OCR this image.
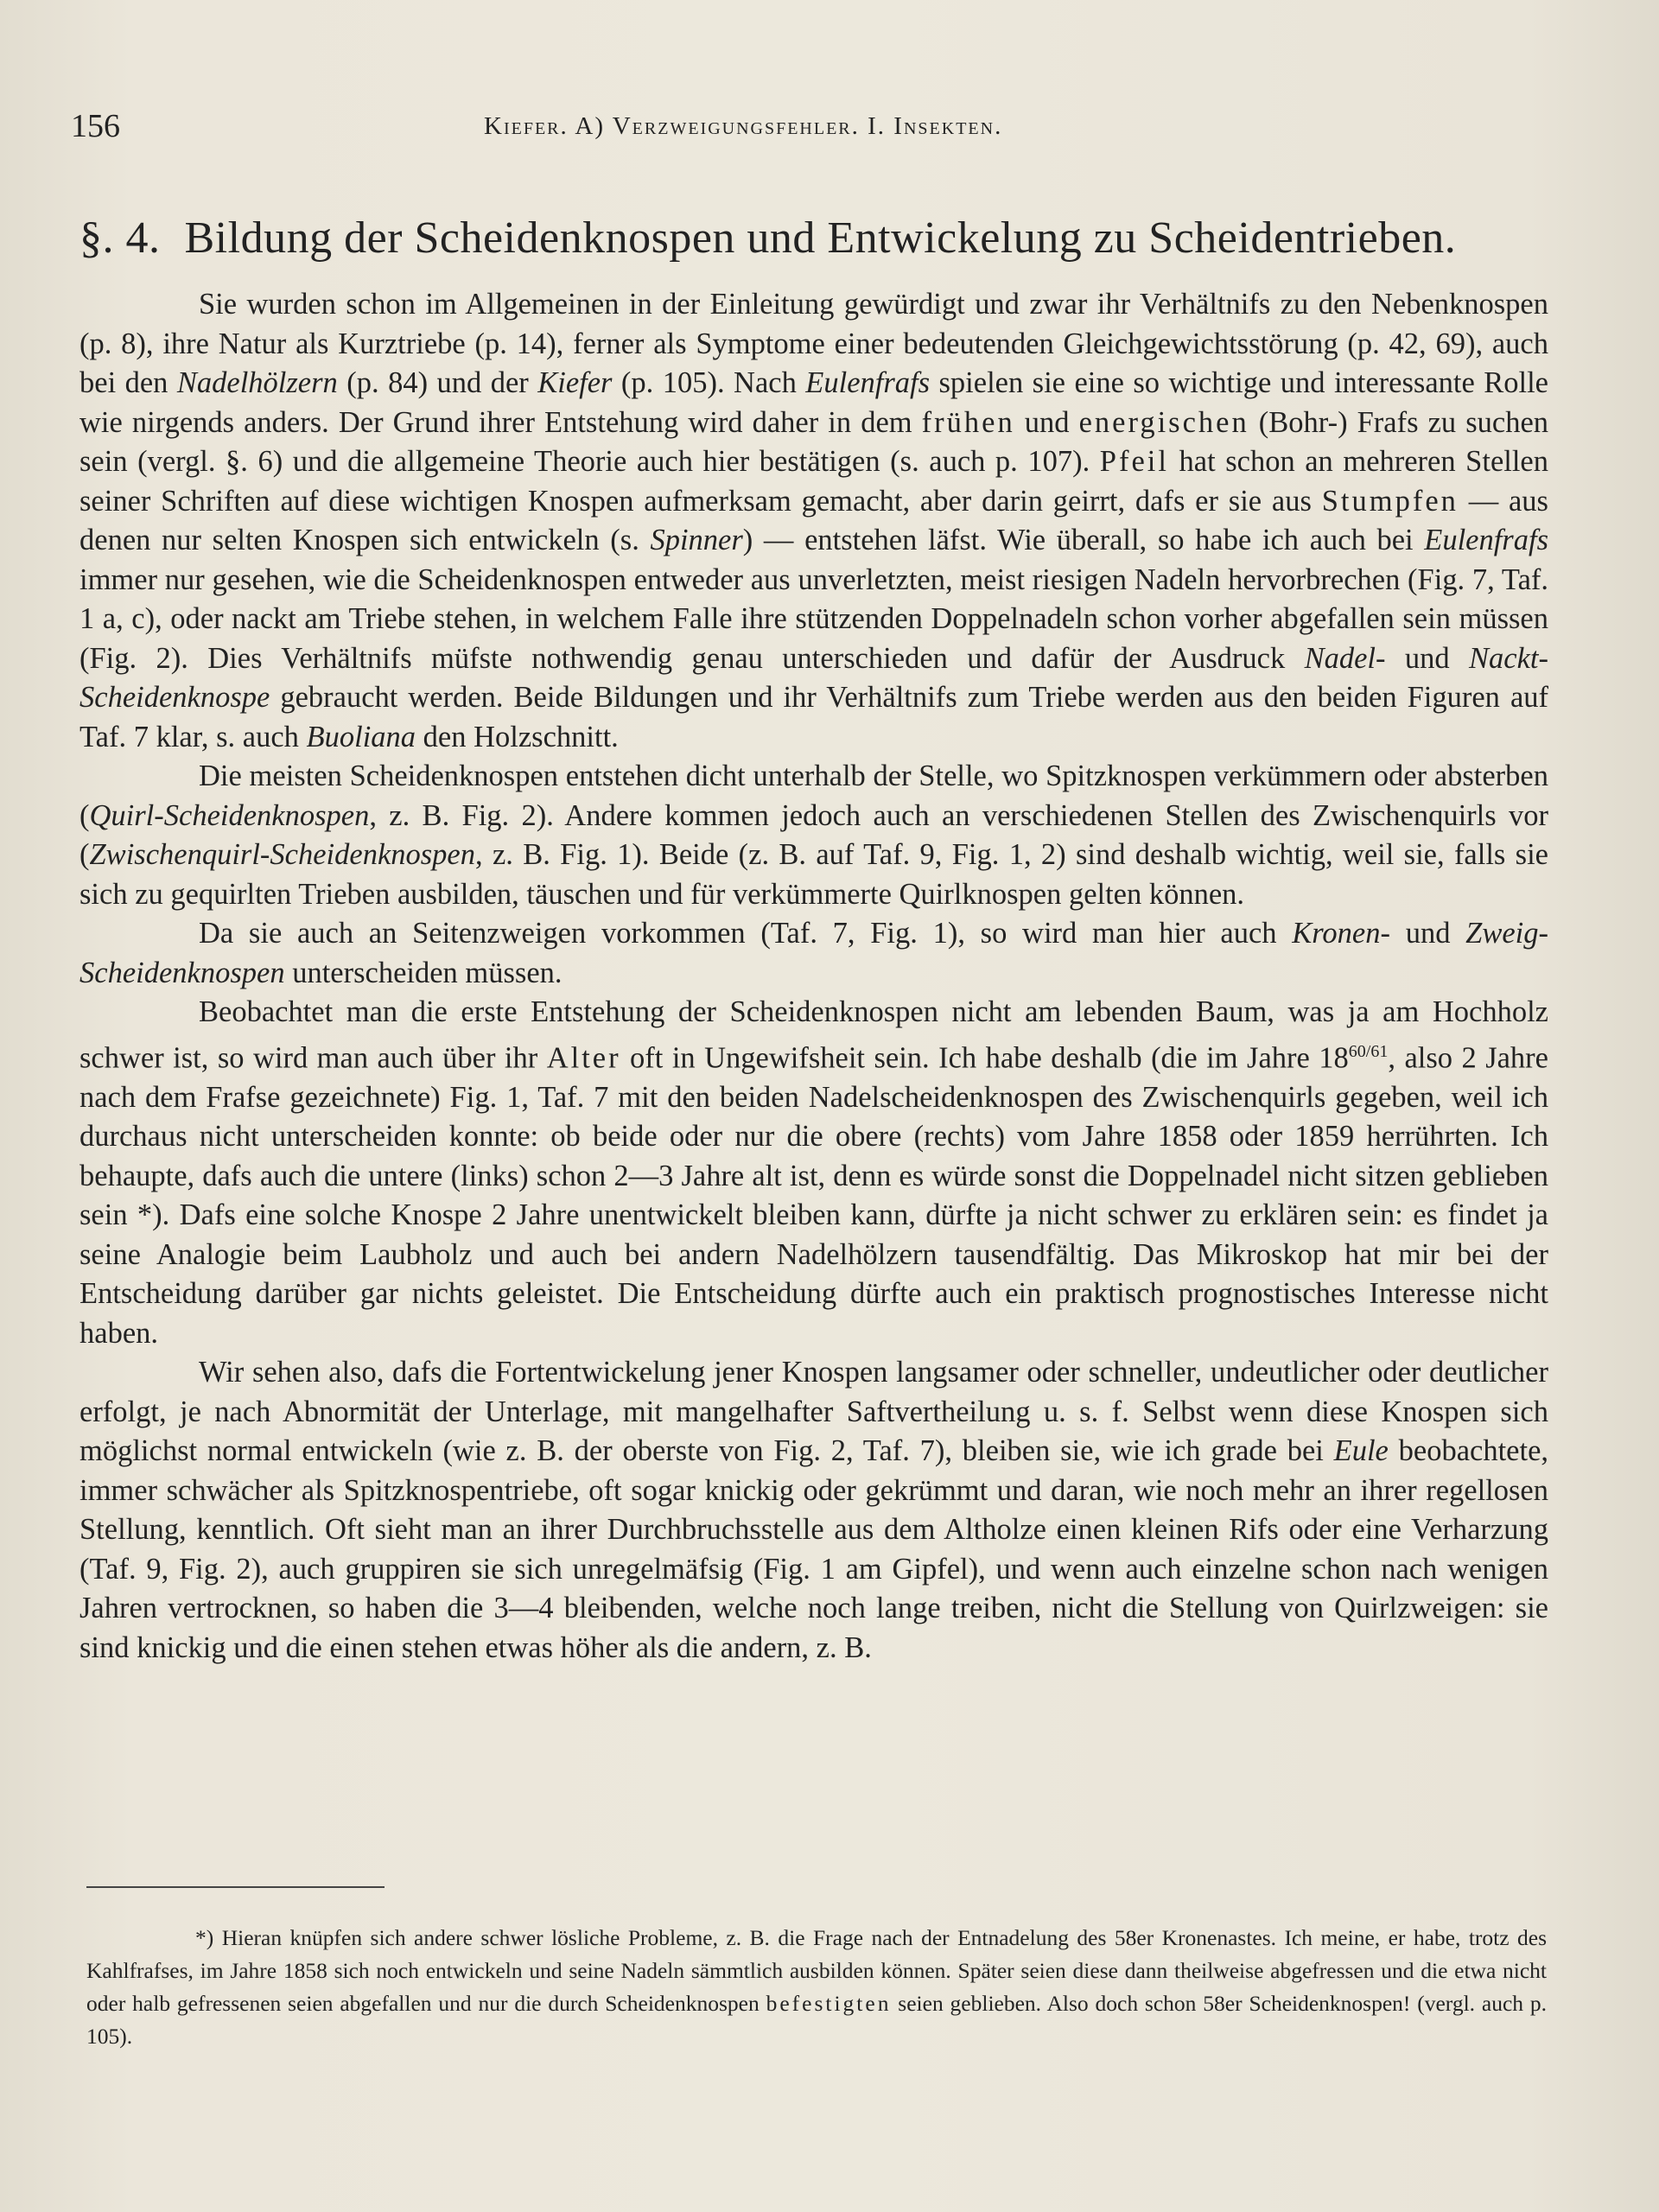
156	Kiefer. A) Verzweigungsfehler. I. Insekten.
§. 4. Bildung der Scheidenknospen und Entwickelung zu Scheidentrieben.

Sie wurden schon im Allgemeinen in der Einleitung gewürdigt und zwar ihr Verhältnifs zu den Nebenknospen (p. 8), ihre Natur als Kurztriebe (p. 14), ferner als Symptome einer bedeutenden Gleichgewichtsstörung (p. 42, 69), auch bei den Nadelhölzern (p. 84) und der Kiefer (p. 105). Nach Eulenfrafs spielen sie eine so wichtige und interessante Rolle wie nirgends anders. Der Grund ihrer Entstehung wird daher in dem frühen und energischen (Bohr-) Frafs zu suchen sein (vergl. §. 6) und die allgemeine Theorie auch hier bestätigen (s. auch p. 107). Pfeil hat schon an mehreren Stellen seiner Schriften auf diese wichtigen Knospen aufmerksam gemacht, aber darin geirrt, dafs er sie aus Stumpfen — aus denen nur selten Knospen sich entwickeln (s. Spinner) — entstehen läfst. Wie überall, so habe ich auch bei Eulenfrafs immer nur gesehen, wie die Scheidenknospen entweder aus unverletzten, meist riesigen Nadeln hervorbrechen (Fig. 7, Taf. 1 a, c), oder nackt am Triebe stehen, in welchem Falle ihre stützenden Doppelnadeln schon vorher abgefallen sein müssen (Fig. 2). Dies Verhältnifs müfste nothwendig genau unterschieden und dafür der Ausdruck Nadel- und Nackt-Scheidenknospe gebraucht werden. Beide Bildungen und ihr Verhältnifs zum Triebe werden aus den beiden Figuren auf Taf. 7 klar, s. auch Buoliana den Holzschnitt.

Die meisten Scheidenknospen entstehen dicht unterhalb der Stelle, wo Spitzknospen verkümmern oder absterben (Quirl-Scheidenknospen, z. B. Fig. 2). Andere kommen jedoch auch an verschiedenen Stellen des Zwischenquirls vor (Zwischenquirl-Scheidenknospen, z. B. Fig. 1). Beide (z. B. auf Taf. 9, Fig. 1, 2) sind deshalb wichtig, weil sie, falls sie sich zu gequirlten Trieben ausbilden, täuschen und für verkümmerte Quirlknospen gelten können.

Da sie auch an Seitenzweigen vorkommen (Taf. 7, Fig. 1), so wird man hier auch Kronen- und Zweig-Scheidenknospen unterscheiden müssen.

Beobachtet man die erste Entstehung der Scheidenknospen nicht am lebenden Baum, was ja am Hochholz schwer ist, so wird man auch über ihr Alter oft in Ungewifsheit sein. Ich habe deshalb (die im Jahre $18^{60/61}$, also 2 Jahre nach dem Frafse gezeichnete) Fig. 1, Taf. 7 mit den beiden Nadelscheidenknospen des Zwischenquirls gegeben, weil ich durchaus nicht unterscheiden konnte: ob beide oder nur die obere (rechts) vom Jahre 1858 oder 1859 herrührten. Ich behaupte, dafs auch die untere (links) schon 2—3 Jahre alt ist, denn es würde sonst die Doppelnadel nicht sitzen geblieben sein *). Dafs eine solche Knospe 2 Jahre unentwickelt bleiben kann, dürfte ja nicht schwer zu erklären sein: es findet ja seine Analogie beim Laubholz und auch bei andern Nadelhölzern tausendfältig. Das Mikroskop hat mir bei der Entscheidung darüber gar nichts geleistet. Die Entscheidung dürfte auch ein praktisch prognostisches Interesse nicht haben.

Wir sehen also, dafs die Fortentwickelung jener Knospen langsamer oder schneller, undeutlicher oder deutlicher erfolgt, je nach Abnormität der Unterlage, mit mangelhafter Saftvertheilung u. s. f. Selbst wenn diese Knospen sich möglichst normal entwickeln (wie z. B. der oberste von Fig. 2, Taf. 7), bleiben sie, wie ich grade bei Eule beobachtete, immer schwächer als Spitzknospentriebe, oft sogar knickig oder gekrümmt und daran, wie noch mehr an ihrer regellosen Stellung, kenntlich. Oft sieht man an ihrer Durchbruchsstelle aus dem Altholze einen kleinen Rifs oder eine Verharzung (Taf. 9, Fig. 2), auch gruppiren sie sich unregelmäfsig (Fig. 1 am Gipfel), und wenn auch einzelne schon nach wenigen Jahren vertrocknen, so haben die 3—4 bleibenden, welche noch lange treiben, nicht die Stellung von Quirlzweigen: sie sind knickig und die einen stehen etwas höher als die andern, z. B.

*) Hieran knüpfen sich andere schwer lösliche Probleme, z. B. die Frage nach der Entnadelung des 58er Kronenastes. Ich meine, er habe, trotz des Kahlfrafses, im Jahre 1858 sich noch entwickeln und seine Nadeln sämmtlich ausbilden können. Später seien diese dann theilweise abgefressen und die etwa nicht oder halb gefressenen seien abgefallen und nur die durch Scheidenknospen befestigten seien geblieben. Also doch schon 58er Scheidenknospen! (vergl. auch p. 105).
